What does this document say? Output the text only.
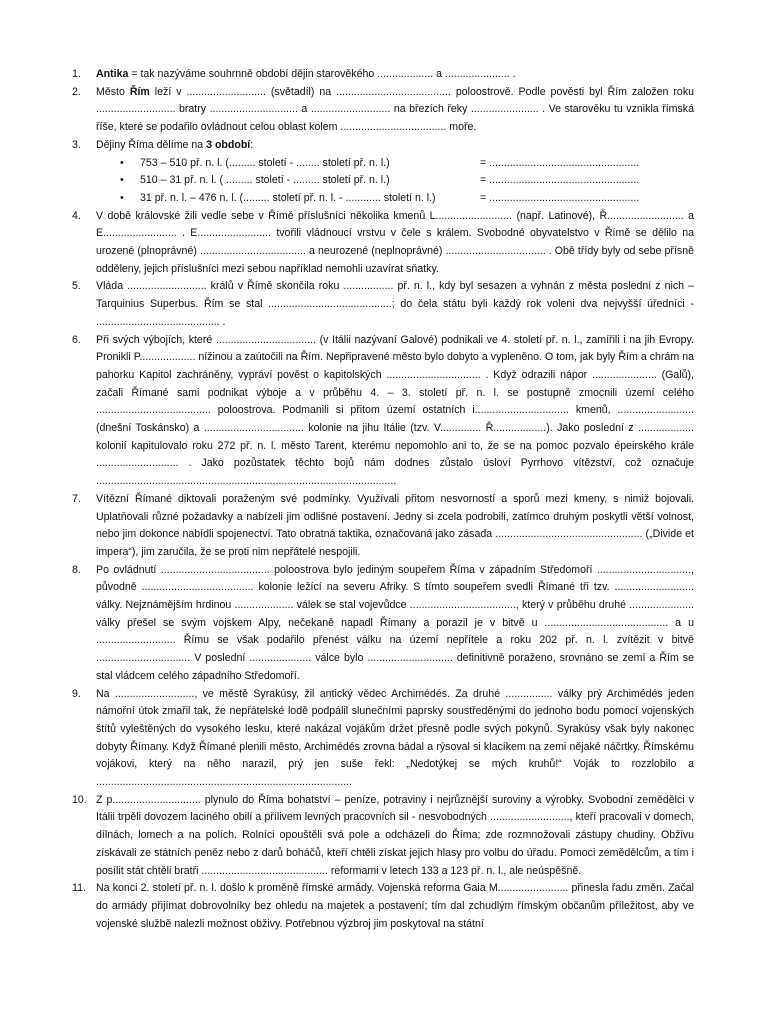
1.	Antika = tak nazýváme souhrnně období dějin starověkého ................... a ...................... .
2.	Město Řím leží v ........................... (světadíl) na ....................................... poloostrově. Podle pověsti byl Řím založen roku ........................... bratry .............................. a ........................... na březích řeky ....................... . Ve starověku tu vznikla římská říše, které se podařilo ovládnout celou oblast kolem .................................... moře.
3.	Dějiny Říma dělíme na 3 období:
• 753 – 510 př. n. l. (......... století - ........ století př. n. l.)	= ...................................................
• 510 – 31 př. n. l. ( ......... století - ......... století př. n. l.)	= ...................................................
• 31 př. n. l. – 476 n. l. (......... století př. n. l. - ............ století n. l.)	= ...................................................
4.	V době královské žili vedle sebe v Římě příslušníci několika kmenů L.......................... (např. Latinové), Ř.......................... a E......................... . E......................... tvořili vládnoucí vrstvu v čele s králem. Svobodné obyvatelstvo v Římě se dělilo na urozené (plnoprávné) .................................... a neurozené (neplnoprávné) .................................. . Obě třídy byly od sebe přísně odděleny, jejich příslušníci mezi sebou například nemohli uzavírat sňatky.
5.	Vláda ........................... králů v Římě skončila roku ................. př. n. l., kdy byl sesazen a vyhnán z města poslední z nich – Tarquinius Superbus. Řím se stal ..........................................; do čela státu byli každý rok voleni dva nejvyšší úředníci - .......................................... .
6.	Při svých výbojích, které .................................. (v Itálii nazývaní Galové) podnikali ve 4. století př. n. l., zamířili i na jih Evropy. Pronikli P................... nížinou a zaútočili na Řím. Nepřipravené město bylo dobyto a vypleněno. O tom, jak byly Řím a chrám na pahorku Kapitol zachráněny, vypráví pověst o kapitolských ................................ . Když odrazili nápor ...................... (Galů), začali Římané sami podnikat výboje a v průběhu 4. – 3. století př. n. l. se postupně zmocnili území celého ....................................... poloostrova. Podmanili si přitom území ostatních i................................ kmenů, .......................... (dnešní Toskánsko) a .................................. kolonie na jihu Itálie (tzv. V.............. Ř..................). Jako poslední z ................... kolonií kapitulovalo roku 272 př. n. l. město Tarent, kterému nepomohlo ani to, že se na pomoc pozvalo épeirského krále ............................ . Jako pozůstatek těchto bojů nám dodnes zůstalo úsloví Pyrrhovo vítězství, což označuje ......................................................................................................
7.	Vítězní Římané diktovali poraženým své podmínky. Využívali přitom nesvorností a sporů mezi kmeny, s nimiž bojovali. Uplatňovali různé požadavky a nabízeli jim odlišné postavení. Jedny si zcela podrobili, zatímco druhým poskytli větší volnost, nebo jim dokonce nabídli spojenectví. Tato obratná taktika, označovaná jako zásada .................................................. („Divide et impera“), jim zaručila, že se proti nim nepřátelé nespojili.
8.	Po ovládnutí ..................................... poloostrova bylo jediným soupeřem Říma v západním Středomoří ................................, původně ...................................... kolonie ležící na severu Afriky. S tímto soupeřem svedli Římané tři tzv. ........................... války. Nejznámějším hrdinou .................... válek se stal vojevůdce ...................................., který v průběhu druhé ...................... války přešel se svým vojskem Alpy, nečekaně napadl Římany a porazil je v bitvě u .......................................... a u ........................... Římu se však podařilo přenést válku na území nepřítele a roku 202 př. n. l. zvítězit v bitvě ................................ V poslední ..................... válce bylo ............................. definitivně poraženo, srovnáno se zemí a Řím se stal vládcem celého západního Středomoří.
9.	Na ..........................., ve městě Syrakúsy, žil antický vědec Archimédés. Za druhé ................ války prý Archimédés jeden námořní útok zmařil tak, že nepřátelské lodě podpálil slunečními paprsky soustředěnými do jednoho bodu pomocí vojenských štítů vyleštěných do vysokého lesku, které nakázal vojákům držet přesně podle svých pokynů. Syrakúsy však byly nakonec dobyty Římany. Když Římané plenili město, Archimédés zrovna bádal a rýsoval si klacíkem na zemi nějaké náčrtky. Římskému vojákovi, který na něho narazil, prý jen suše řekl: „Nedotýkej se mých kruhů!“ Voják to rozzlobilo a .......................................................................................
10. Z p.............................. plynulo do Říma bohatství – peníze, potraviny i nejrůznější suroviny a výrobky. Svobodní zemědělci v Itálii trpěli dovozem laciného obilí a přílivem levných pracovních sil - nesvobodných ..........................., kteří pracovali v domech, dílnách, lomech a na polích. Rolníci opouštěli svá pole a odcházeli do Říma; zde rozmnožovali zástupy chudiny. Obživu získávali ze státních peněz nebo z darů boháčů, kteří chtěli získat jejich hlasy pro volbu do úřadu. Pomoci zemědělcům, a tím i posílit stát chtěli bratři ........................................... reformami v letech 133 a 123 př. n. l., ale neúspěšně.
11. Na konci 2. století př. n. l. došlo k proměně římské armády. Vojenská reforma Gaia M........................ přinesla řadu změn. Začal do armády přijímat dobrovolníky bez ohledu na majetek a postavení; tím dal zchudlým římským občanům příležitost, aby ve vojenské službě nalezli možnost obživy. Potřebnou výzbroj jim poskytoval na státní
